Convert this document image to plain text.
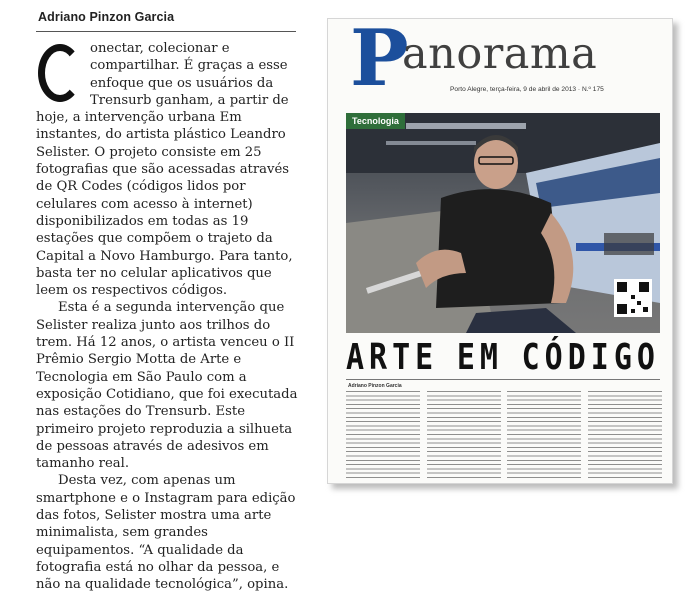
Adriano Pinzon Garcia

onectar, colecionar e compartilhar. É graças a esse enfoque que os usuários da Trensurb ganham, a partir de hoje, a intervenção urbana Em instantes, do artista plástico Leandro Selister. O projeto consiste em 25 fotografias que são acessadas através de QR Codes (códigos lidos por celulares com acesso à internet) disponibilizados em todas as 19 estações que compõem o trajeto da Capital a Novo Hamburgo. Para tanto, basta ter no celular aplicativos que leem os respectivos códigos.

Esta é a segunda intervenção que Selister realiza junto aos trilhos do trem. Há 12 anos, o artista venceu o II Prêmio Sergio Motta de Arte e Tecnologia em São Paulo com a exposição Cotidiano, que foi executada nas estações do Trensurb. Este primeiro projeto reproduzia a silhueta de pessoas através de adesivos em tamanho real.

Desta vez, com apenas um smartphone e o Instagram para edição das fotos, Selister mostra uma arte minimalista, sem grandes equipamentos. “A qualidade da fotografia está no olhar da pessoa, e não na qualidade tecnológica”, opina.

P
anorama
Porto Alegre, terça-feira, 9 de abril de 2013 · N.º 175
Tecnologia
ARTE EM CÓDIGO
Adriano Pinzon Garcia
